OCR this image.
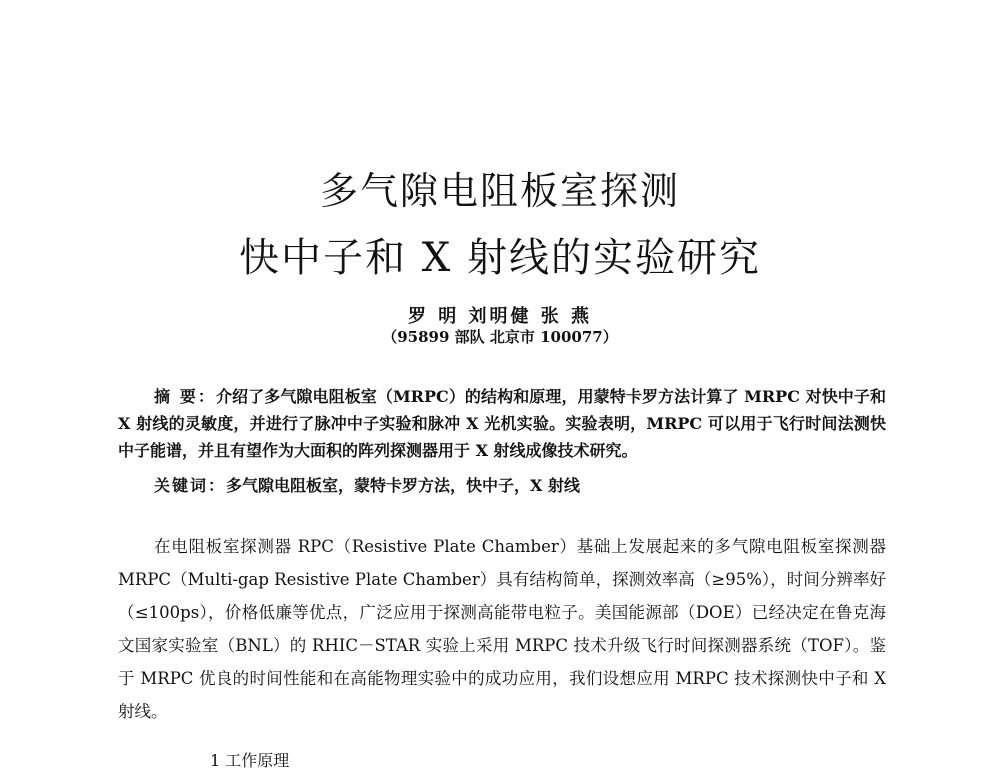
多气隙电阻板室探测
快中子和 X 射线的实验研究
罗 明 刘明健 张 燕
（95899 部队 北京市 100077）
摘 要：介绍了多气隙电阻板室（MRPC）的结构和原理，用蒙特卡罗方法计算了 MRPC 对快中子和 X 射线的灵敏度，并进行了脉冲中子实验和脉冲 X 光机实验。实验表明，MRPC 可以用于飞行时间法测快中子能谱，并且有望作为大面积的阵列探测器用于 X 射线成像技术研究。
关键词：多气隙电阻板室，蒙特卡罗方法，快中子，X 射线
在电阻板室探测器 RPC（Resistive Plate Chamber）基础上发展起来的多气隙电阻板室探测器 MRPC（Multi-gap Resistive Plate Chamber）具有结构简单，探测效率高（≥95%），时间分辨率好（≤100ps），价格低廉等优点，广泛应用于探测高能带电粒子。美国能源部（DOE）已经决定在鲁克海文国家实验室（BNL）的 RHIC－STAR 实验上采用 MRPC 技术升级飞行时间探测器系统（TOF）。鉴于 MRPC 优良的时间性能和在高能物理实验中的成功应用，我们设想应用 MRPC 技术探测快中子和 X 射线。
1 工作原理
